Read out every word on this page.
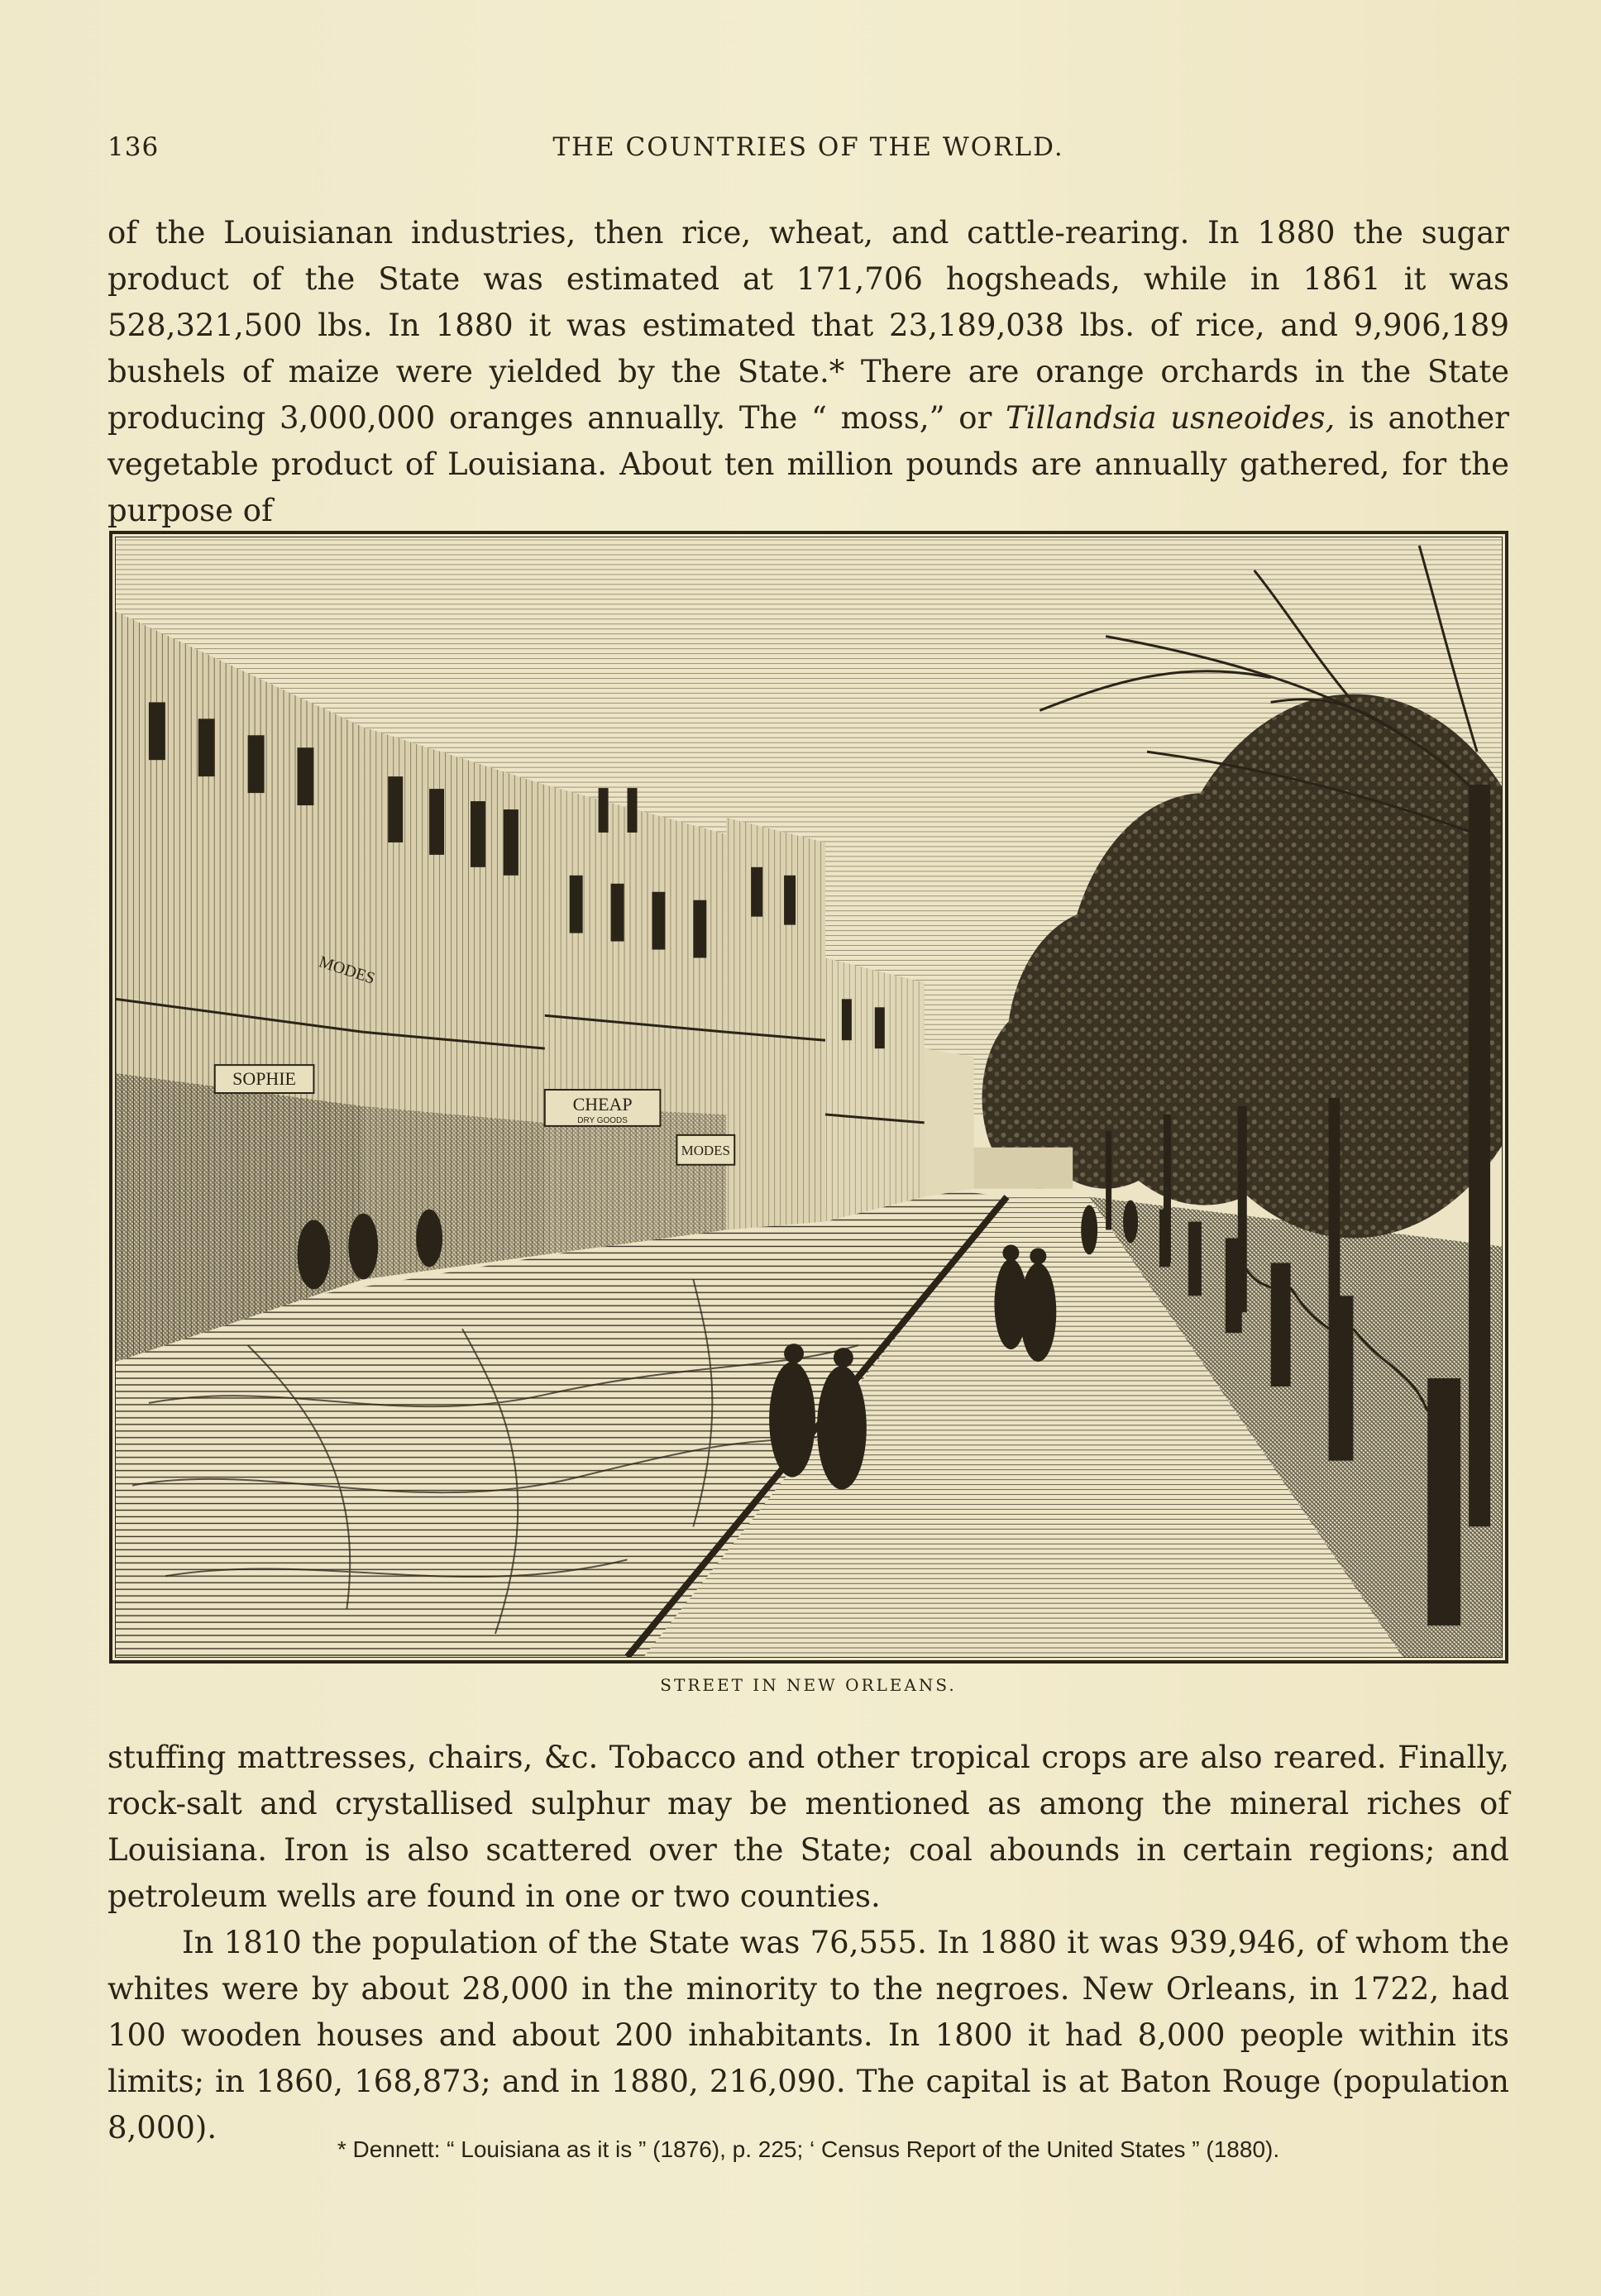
136	THE COUNTRIES OF THE WORLD.

of the Louisianan industries, then rice, wheat, and cattle-rearing. In 1880 the sugar product of the State was estimated at 171,706 hogsheads, while in 1861 it was 528,321,500 lbs. In 1880 it was estimated that 23,189,038 lbs. of rice, and 9,906,189 bushels of maize were yielded by the State.* There are orange orchards in the State producing 3,000,000 oranges annually. The “ moss,” or Tillandsia usneoides, is another vegetable product of Louisiana. About ten million pounds are annually gathered, for the purpose of

SOPHIE
MODES
CHEAP
DRY GOODS
MODES
STREET IN NEW ORLEANS.

stuffing mattresses, chairs, &c. Tobacco and other tropical crops are also reared. Finally, rock-salt and crystallised sulphur may be mentioned as among the mineral riches of Louisiana. Iron is also scattered over the State; coal abounds in certain regions; and petroleum wells are found in one or two counties.

In 1810 the population of the State was 76,555. In 1880 it was 939,946, of whom the whites were by about 28,000 in the minority to the negroes. New Orleans, in 1722, had 100 wooden houses and about 200 inhabitants. In 1800 it had 8,000 people within its limits; in 1860, 168,873; and in 1880, 216,090. The capital is at Baton Rouge (population 8,000).

* Dennett: “ Louisiana as it is ” (1876), p. 225; ‘ Census Report of the United States ” (1880).
